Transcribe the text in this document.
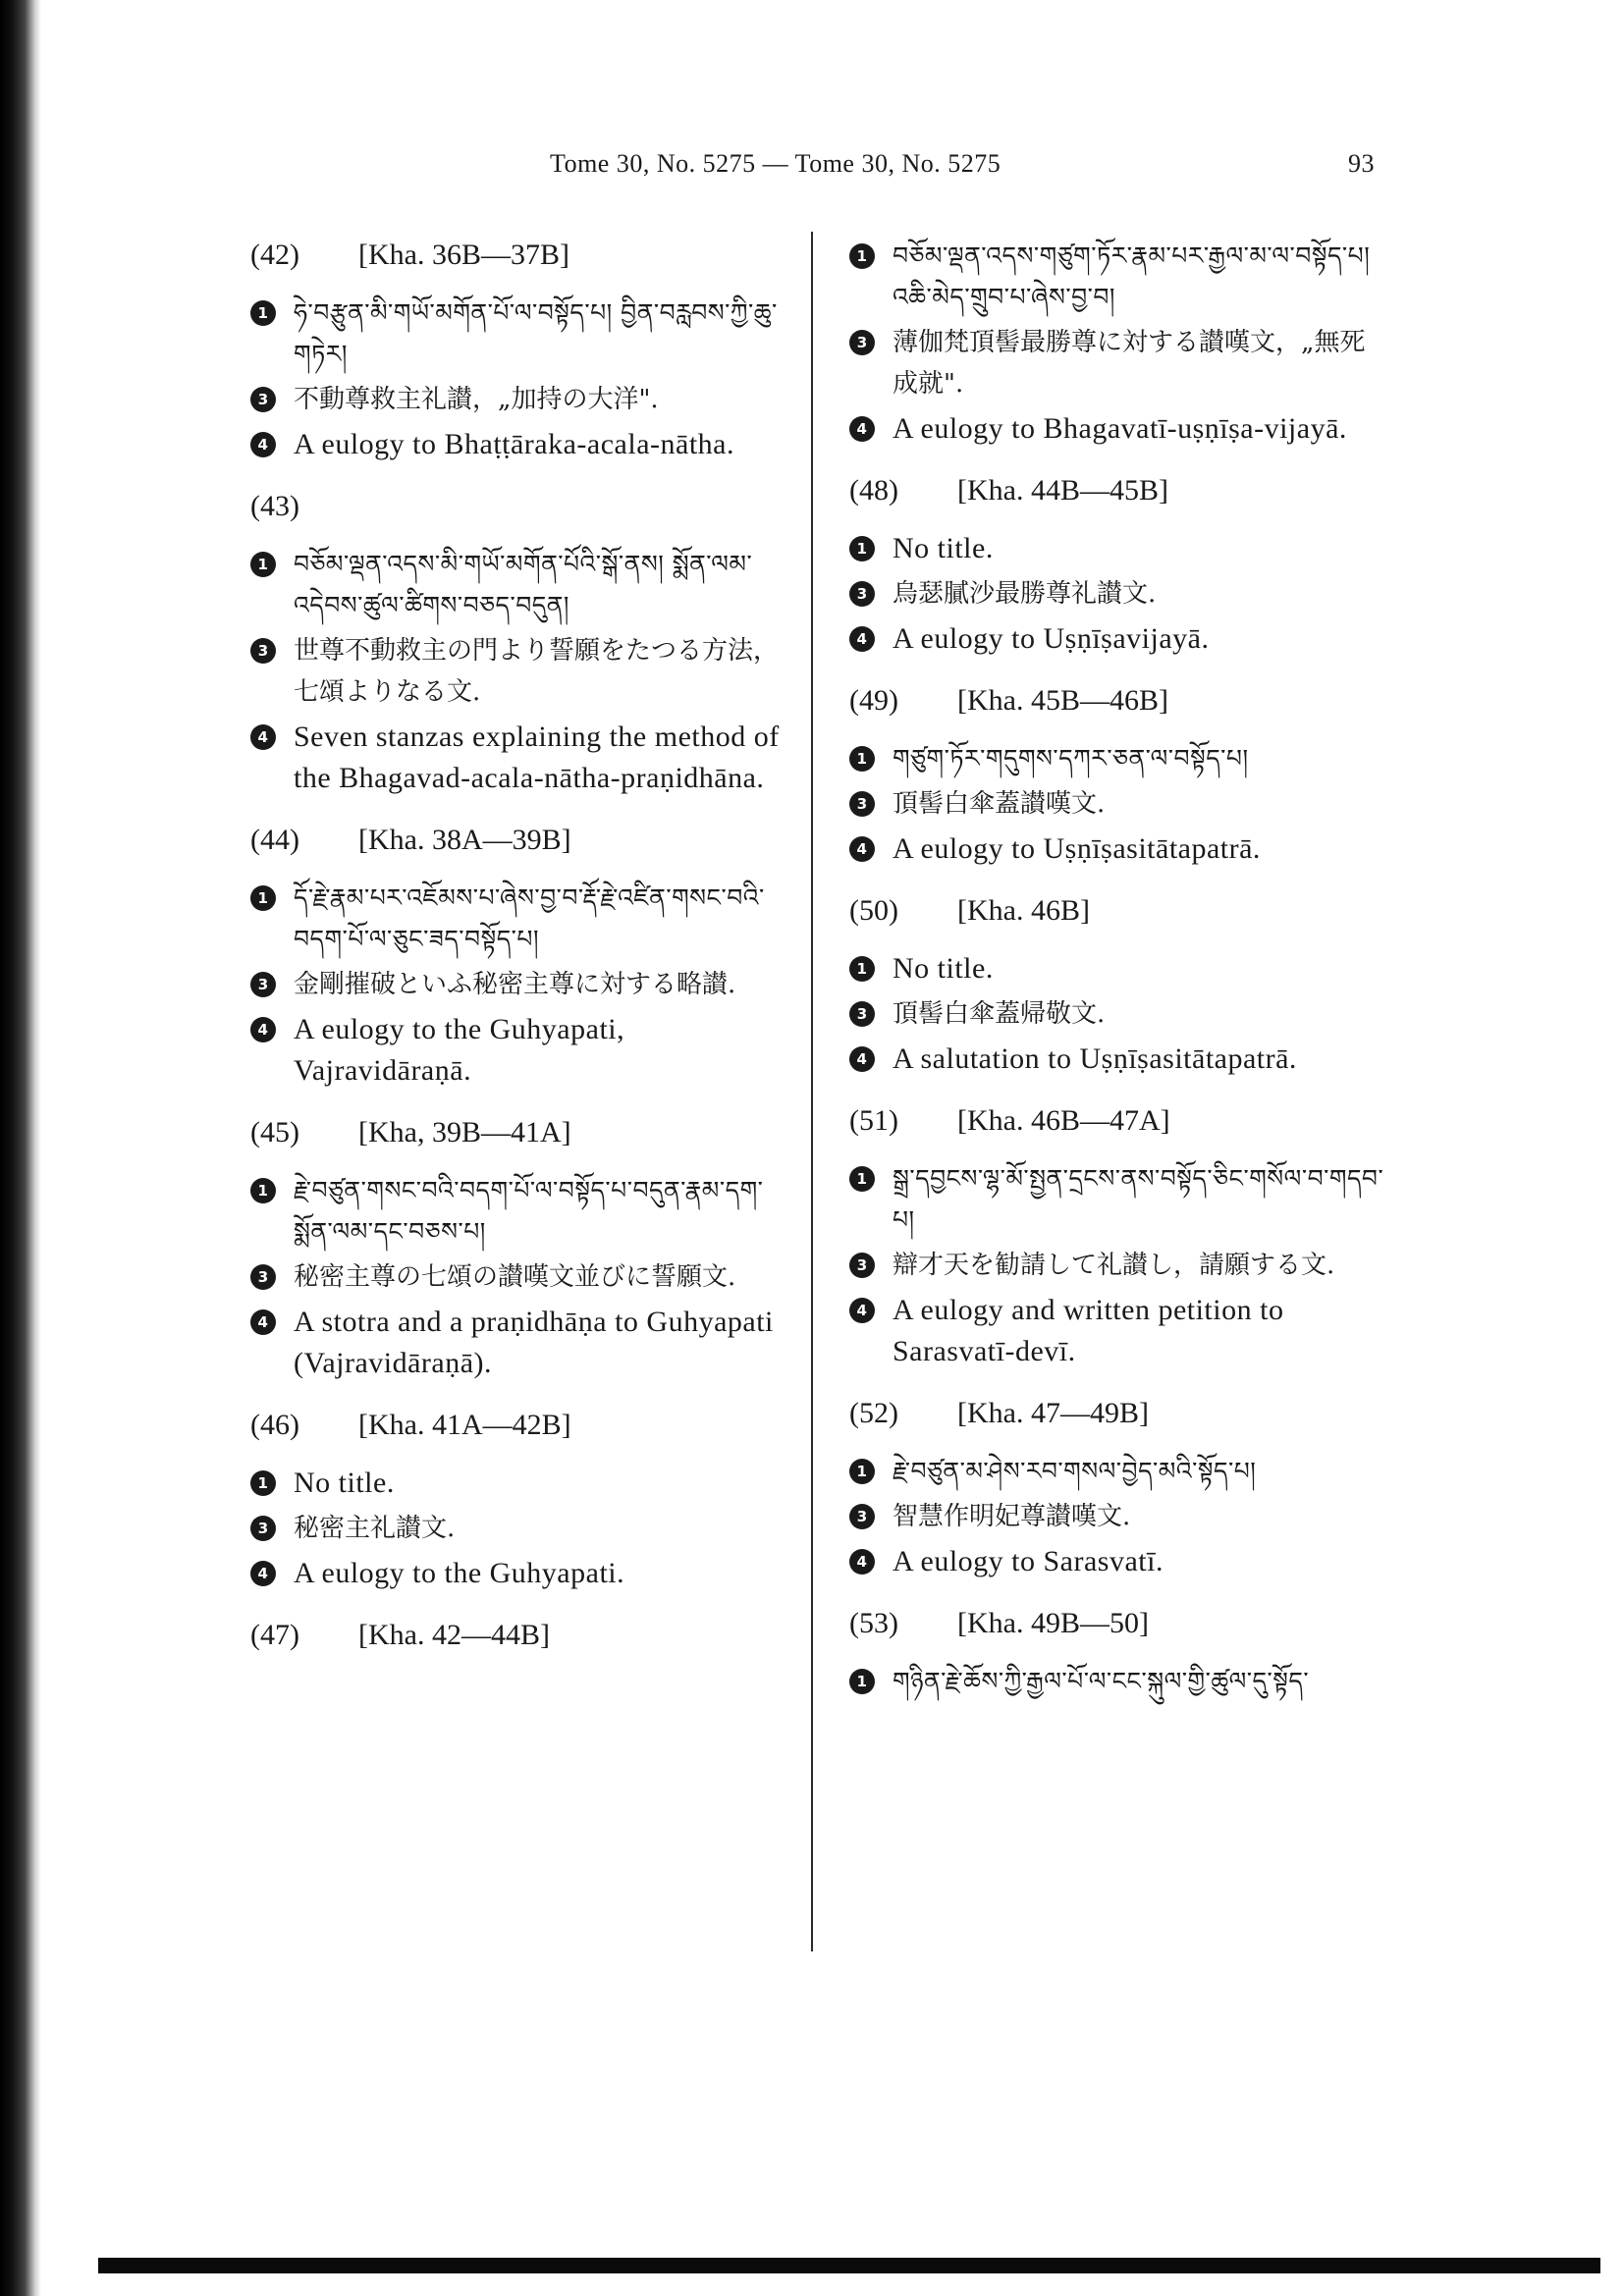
Tome 30, No. 5275 — Tome 30, No. 5275	93
(42) [Kha. 36B—37B]
1	ཧེ་བརྩུན་མི་གཡོ་མགོན་པོ་ལ་བསྟོད་པ། བྱིན་བརླབས་ཀྱི་ཆུ་གཏེར།
3 不動尊救主礼讃，„加持の大洋".
4 A eulogy to Bhaṭṭāraka-acala-nātha.
(43)
1	བཅོམ་ལྡན་འདས་མི་གཡོ་མགོན་པོའི་སྒོ་ནས། སྨོན་ལམ་འདེབས་ཚུལ་ཚིགས་བཅད་བདུན།
3 世尊不動救主の門より誓願をたつる方法，七頌よりなる文.
4 Seven stanzas explaining the method of the Bhagavad-acala-nātha-praṇidhāna.
(44) [Kha. 38A—39B]
1	དོ་རྗེ་རྣམ་པར་འཇོམས་པ་ཞེས་བྱ་བ་རྡོ་རྗེ་འཛིན་གསང་བའི་བདག་པོ་ལ་ཅུང་ཟད་བསྟོད་པ།
3 金剛摧破といふ秘密主尊に対する略讃.
4 A eulogy to the Guhyapati, Vajravidāraṇā.
(45) [Kha, 39B—41A]
1	རྗེ་བཙུན་གསང་བའི་བདག་པོ་ལ་བསྟོད་པ་བདུན་རྣམ་དག་སྨོན་ལམ་དང་བཅས་པ།
3 秘密主尊の七頌の讃嘆文並びに誓願文.
4 A stotra and a praṇidhāṇa to Guhyapati (Vajravidāraṇā).
(46) [Kha. 41A—42B]
1 No title.
3 秘密主礼讃文.
4 A eulogy to the Guhyapati.
(47) [Kha. 42—44B]
1	བཅོམ་ལྡན་འདས་གཙུག་ཏོར་རྣམ་པར་རྒྱལ་མ་ལ་བསྟོད་པ། འཆི་མེད་གྲུབ་པ་ཞེས་བྱ་བ།
3 薄伽梵頂髻最勝尊に対する讃嘆文，„無死成就".
4 A eulogy to Bhagavatī-uṣṇīṣa-vijayā.
(48) [Kha. 44B—45B]
1 No title.
3 烏瑟膩沙最勝尊礼讃文.
4 A eulogy to Uṣṇīṣavijayā.
(49) [Kha. 45B—46B]
1	གཙུག་ཏོར་གདུགས་དཀར་ཅན་ལ་བསྟོད་པ།
3 頂髻白傘蓋讃嘆文.
4 A eulogy to Uṣṇīṣasitātapatrā.
(50) [Kha. 46B]
1 No title.
3 頂髻白傘蓋帰敬文.
4 A salutation to Uṣṇīṣasitātapatrā.
(51) [Kha. 46B—47A]
1	སྒྲ་དབྱངས་ལྷ་མོ་སྤྱན་དྲངས་ནས་བསྟོད་ཅིང་གསོལ་བ་གདབ་པ།
3 辯才天を勧請して礼讃し，請願する文.
4 A eulogy and written petition to Sarasvatī-devī.
(52) [Kha. 47—49B]
1	རྗེ་བཙུན་མ་ཤེས་རབ་གསལ་བྱེད་མའི་སྟོད་པ།
3 智慧作明妃尊讃嘆文.
4 A eulogy to Sarasvatī.
(53) [Kha. 49B—50]
1	གཉིན་རྗེ་ཆོས་ཀྱི་རྒྱལ་པོ་ལ་ངང་སྐུལ་གྱི་ཚུལ་དུ་སྟོད་
